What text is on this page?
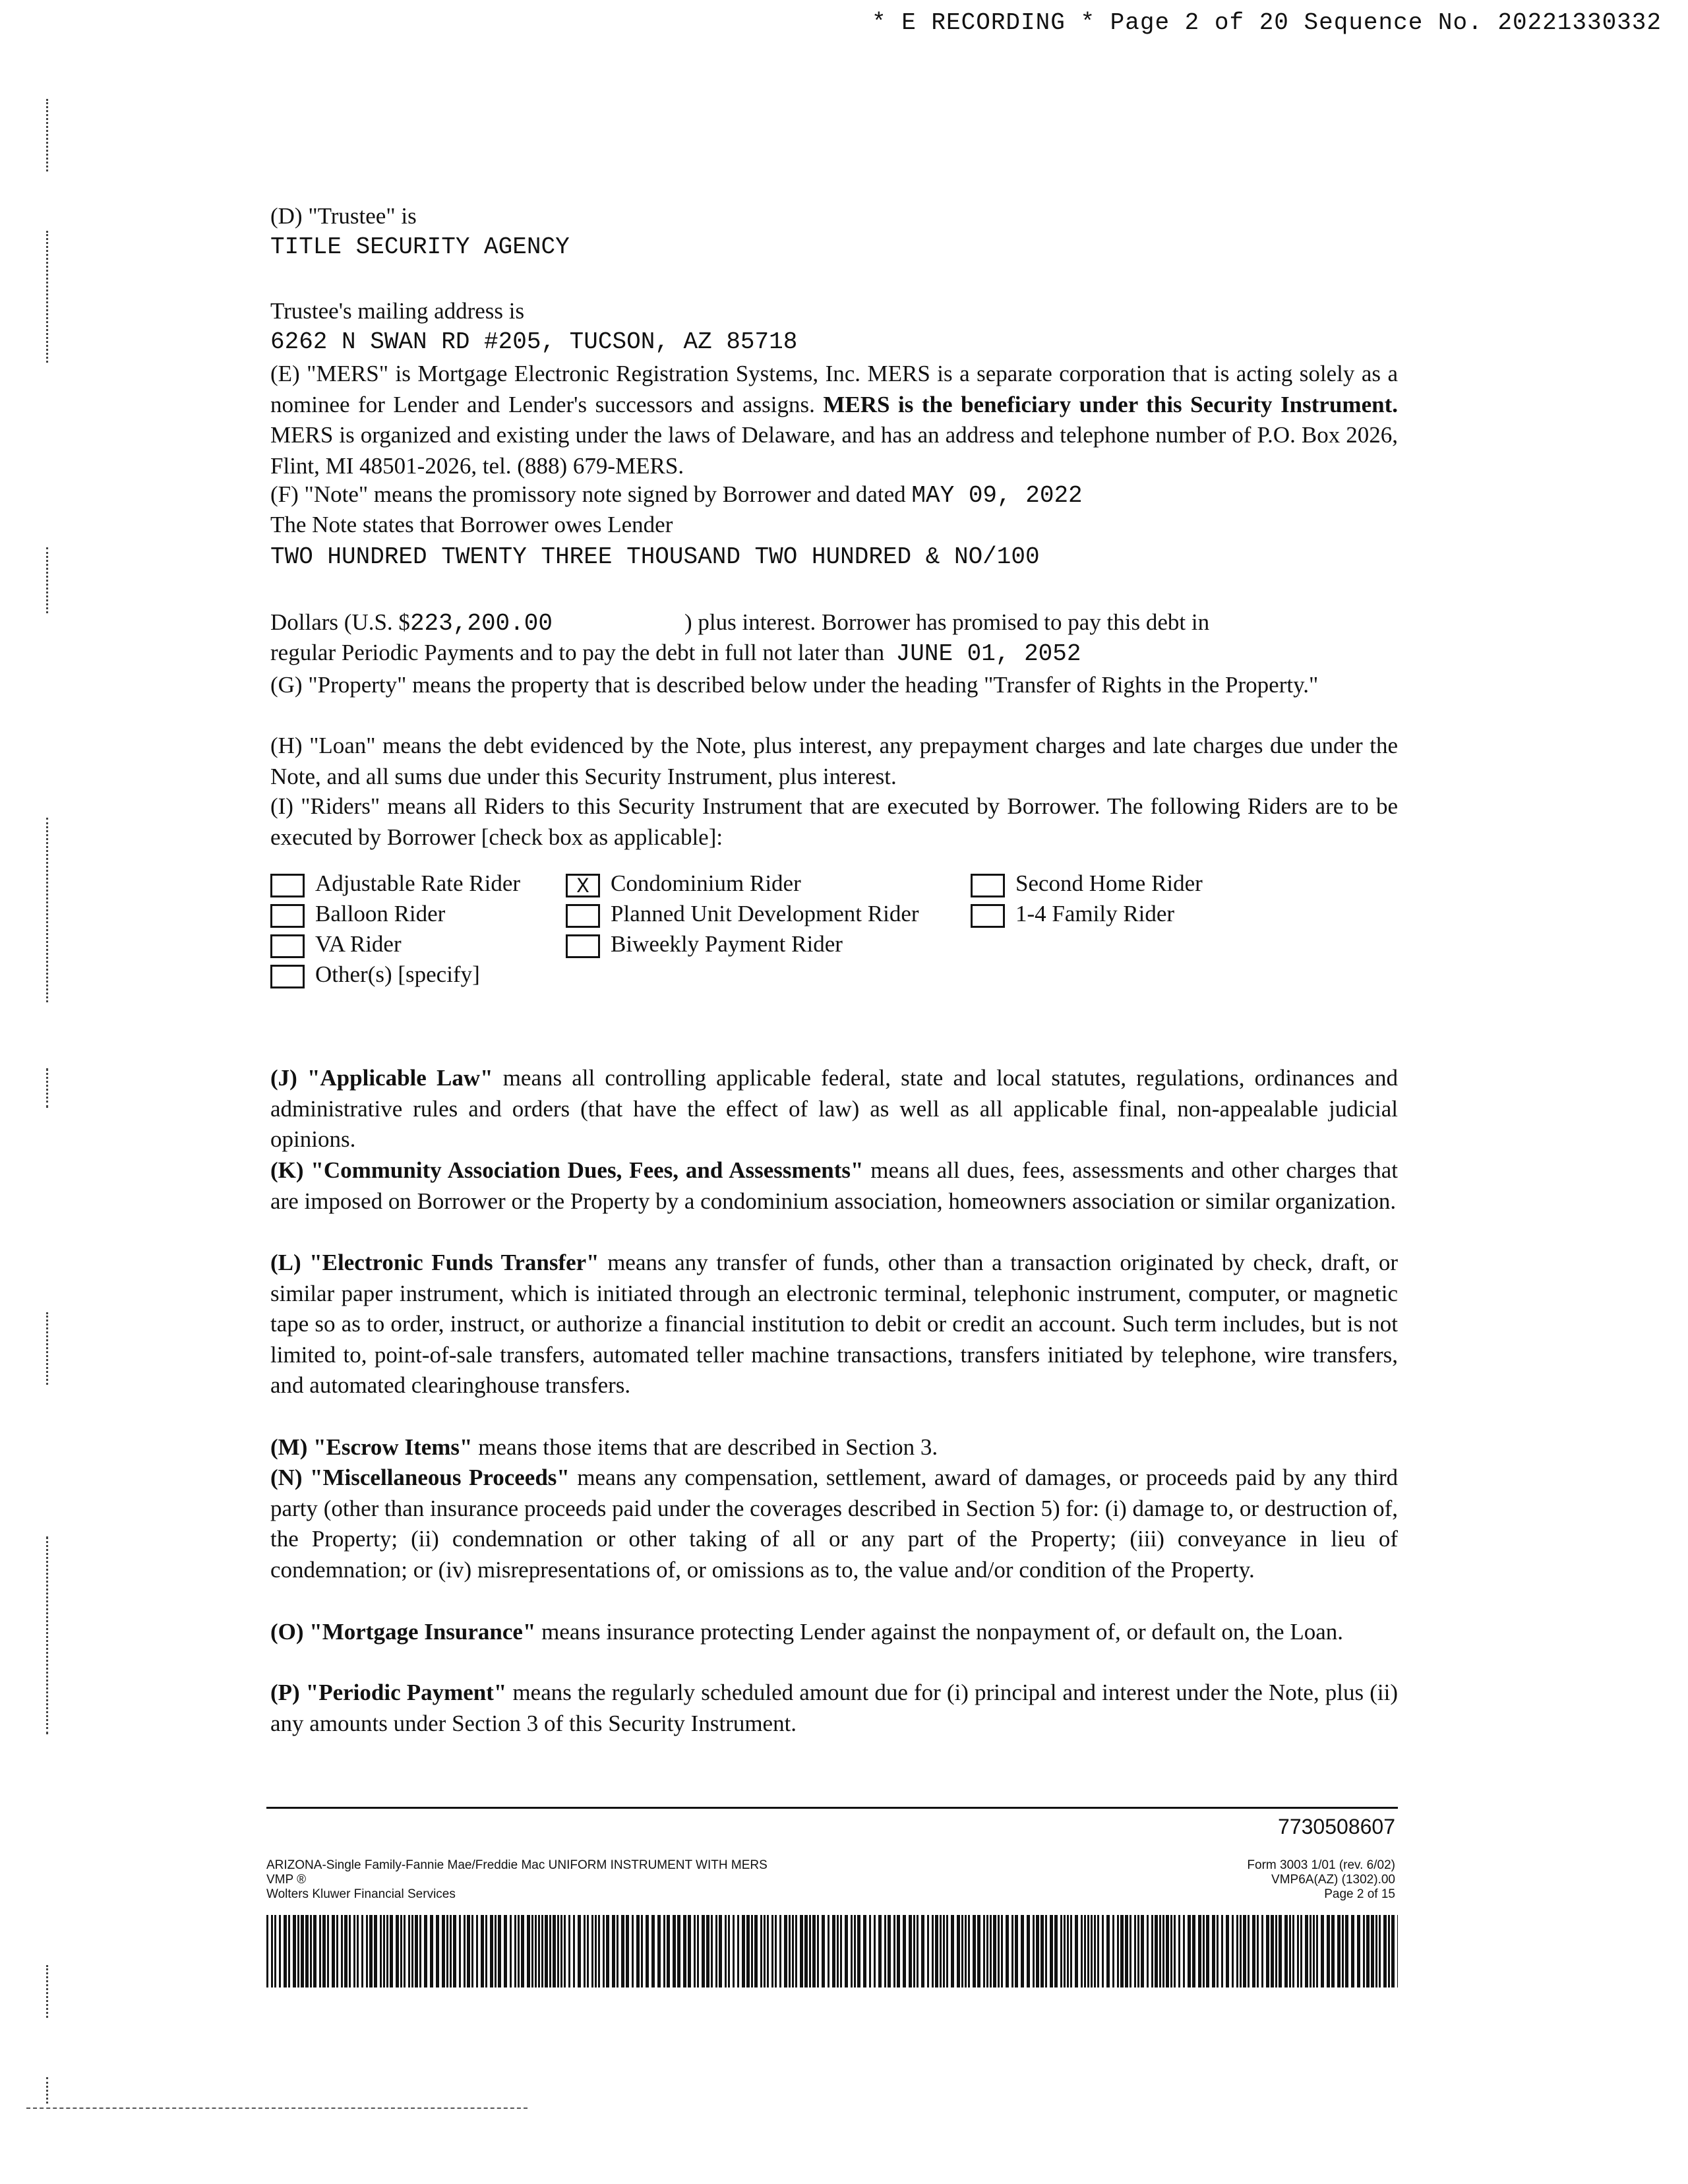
* E RECORDING * Page 2 of 20 Sequence No. 20221330332
(D) "Trustee" is
TITLE SECURITY AGENCY
Trustee's mailing address is
6262 N SWAN RD #205, TUCSON, AZ 85718
(E) "MERS" is Mortgage Electronic Registration Systems, Inc. MERS is a separate corporation that is acting solely as a nominee for Lender and Lender's successors and assigns. MERS is the beneficiary under this Security Instrument. MERS is organized and existing under the laws of Delaware, and has an address and telephone number of P.O. Box 2026, Flint, MI 48501-2026, tel. (888) 679-MERS.
(F) "Note" means the promissory note signed by Borrower and dated MAY 09, 2022
The Note states that Borrower owes Lender
TWO HUNDRED TWENTY THREE THOUSAND TWO HUNDRED & NO/100
Dollars (U.S. $223,200.00	) plus interest. Borrower has promised to pay this debt in
regular Periodic Payments and to pay the debt in full not later than JUNE 01, 2052
(G) "Property" means the property that is described below under the heading "Transfer of Rights in the Property."
(H) "Loan" means the debt evidenced by the Note, plus interest, any prepayment charges and late charges due under the Note, and all sums due under this Security Instrument, plus interest.
(I) "Riders" means all Riders to this Security Instrument that are executed by Borrower. The following Riders are to be executed by Borrower [check box as applicable]:
Adjustable Rate Rider	X Condominium Rider	Second Home Rider
Balloon Rider	Planned Unit Development Rider	1-4 Family Rider
VA Rider	Biweekly Payment Rider
Other(s) [specify]
(J) "Applicable Law" means all controlling applicable federal, state and local statutes, regulations, ordinances and administrative rules and orders (that have the effect of law) as well as all applicable final, non-appealable judicial opinions.
(K) "Community Association Dues, Fees, and Assessments" means all dues, fees, assessments and other charges that are imposed on Borrower or the Property by a condominium association, homeowners association or similar organization.
(L) "Electronic Funds Transfer" means any transfer of funds, other than a transaction originated by check, draft, or similar paper instrument, which is initiated through an electronic terminal, telephonic instrument, computer, or magnetic tape so as to order, instruct, or authorize a financial institution to debit or credit an account. Such term includes, but is not limited to, point-of-sale transfers, automated teller machine transactions, transfers initiated by telephone, wire transfers, and automated clearinghouse transfers.
(M) "Escrow Items" means those items that are described in Section 3.
(N) "Miscellaneous Proceeds" means any compensation, settlement, award of damages, or proceeds paid by any third party (other than insurance proceeds paid under the coverages described in Section 5) for: (i) damage to, or destruction of, the Property; (ii) condemnation or other taking of all or any part of the Property; (iii) conveyance in lieu of condemnation; or (iv) misrepresentations of, or omissions as to, the value and/or condition of the Property.
(O) "Mortgage Insurance" means insurance protecting Lender against the nonpayment of, or default on, the Loan.
(P) "Periodic Payment" means the regularly scheduled amount due for (i) principal and interest under the Note, plus (ii) any amounts under Section 3 of this Security Instrument.
7730508607
ARIZONA-Single Family-Fannie Mae/Freddie Mac UNIFORM INSTRUMENT WITH MERS
VMP ®
Wolters Kluwer Financial Services
Form 3003 1/01 (rev. 6/02)
VMP6A(AZ) (1302).00
Page 2 of 15
